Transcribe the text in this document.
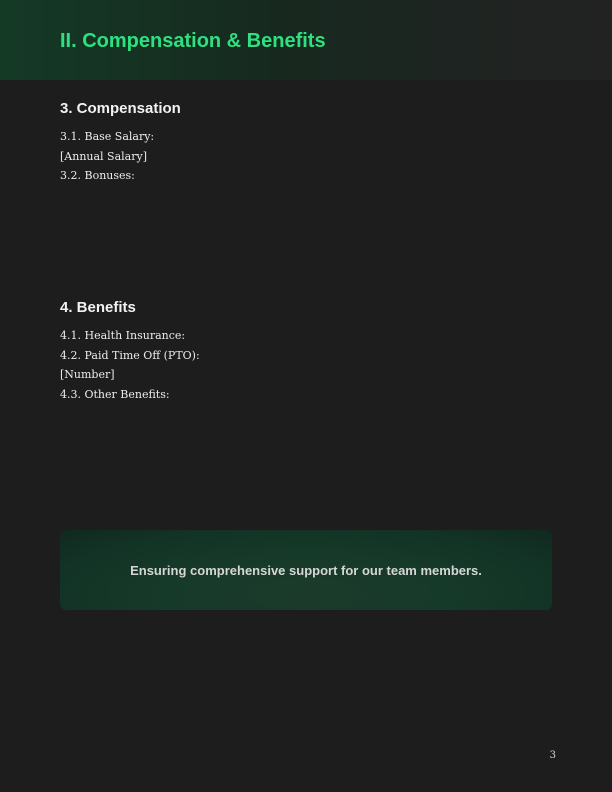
II. Compensation & Benefits
3. Compensation
3.1. Base Salary:
[Annual Salary]
3.2. Bonuses:
4. Benefits
4.1. Health Insurance:
4.2. Paid Time Off (PTO):
[Number]
4.3. Other Benefits:
Ensuring comprehensive support for our team members.
3
